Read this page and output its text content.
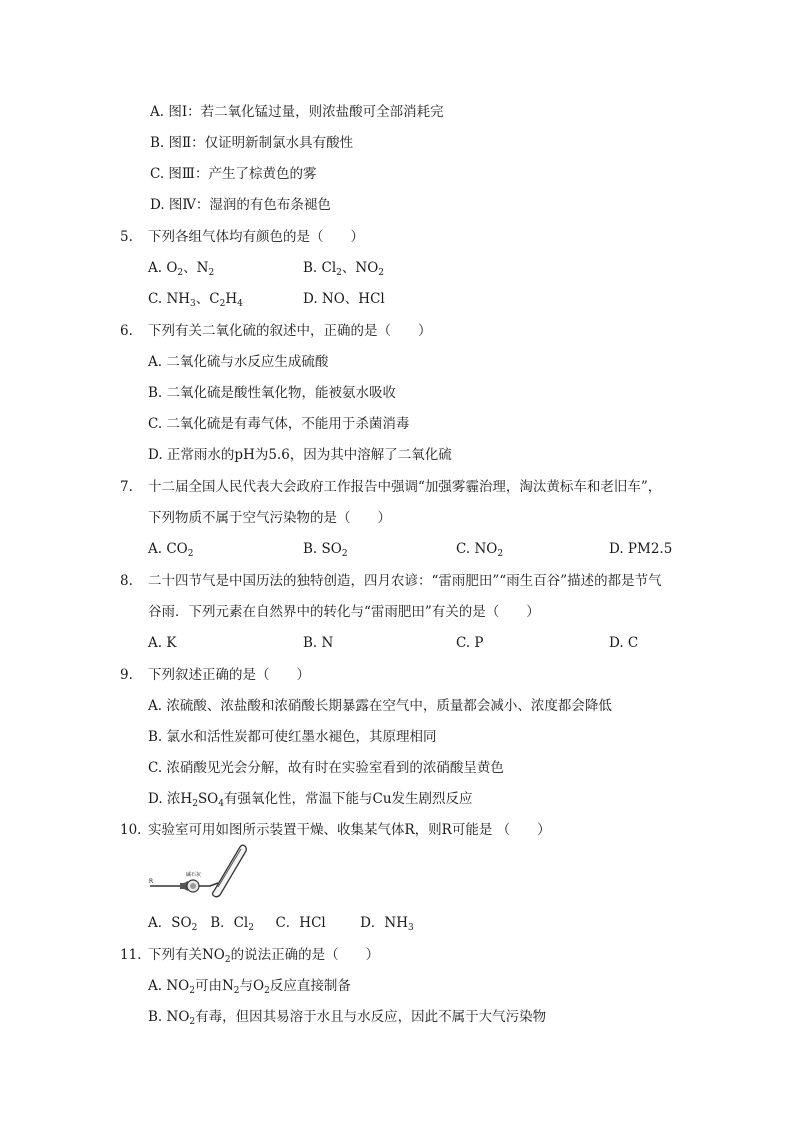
A. 图Ⅰ：若二氧化锰过量，则浓盐酸可全部消耗完
B. 图Ⅱ：仅证明新制氯水具有酸性
C. 图Ⅲ：产生了棕黄色的雾
D. 图Ⅳ：湿润的有色布条褪色
5. 下列各组气体均有颜色的是（　　）
A. $O_2$、$N_2$	B. $Cl_2$、$NO_2$
C. $NH_3$、$C_2H_4$	D. NO、HCl
6. 下列有关二氧化硫的叙述中，正确的是（　　）
A. 二氧化硫与水反应生成硫酸
B. 二氧化硫是酸性氧化物，能被氨水吸收
C. 二氧化硫是有毒气体，不能用于杀菌消毒
D. 正常雨水的pH为5.6，因为其中溶解了二氧化硫
7. 十二届全国人民代表大会政府工作报告中强调“加强雾霾治理，淘汰黄标车和老旧车”，
下列物质不属于空气污染物的是（　　）
A. $CO_2$	B. $SO_2$	C. $NO_2$	D. PM2.5
8. 二十四节气是中国历法的独特创造，四月农谚：“雷雨肥田”“雨生百谷”描述的都是节气
谷雨．下列元素在自然界中的转化与“雷雨肥田”有关的是（　　）
A. K	B. N	C. P	D. C
9. 下列叙述正确的是（　　）
A. 浓硫酸、浓盐酸和浓硝酸长期暴露在空气中，质量都会减小、浓度都会降低
B. 氯水和活性炭都可使红墨水褪色，其原理相同
C. 浓硝酸见光会分解，故有时在实验室看到的浓硝酸呈黄色
D. 浓$H_2SO_4$有强氧化性，常温下能与Cu发生剧烈反应
10. 实验室可用如图所示装置干燥、收集某气体R，则R可能是 （　　）
R
碱石灰
A．$SO_2$ B．$Cl_2$ C．HCl	D．$NH_3$
11. 下列有关$NO_2$的说法正确的是（　　）
A. $NO_2$可由$N_2$与$O_2$反应直接制备
B. $NO_2$有毒，但因其易溶于水且与水反应，因此不属于大气污染物
